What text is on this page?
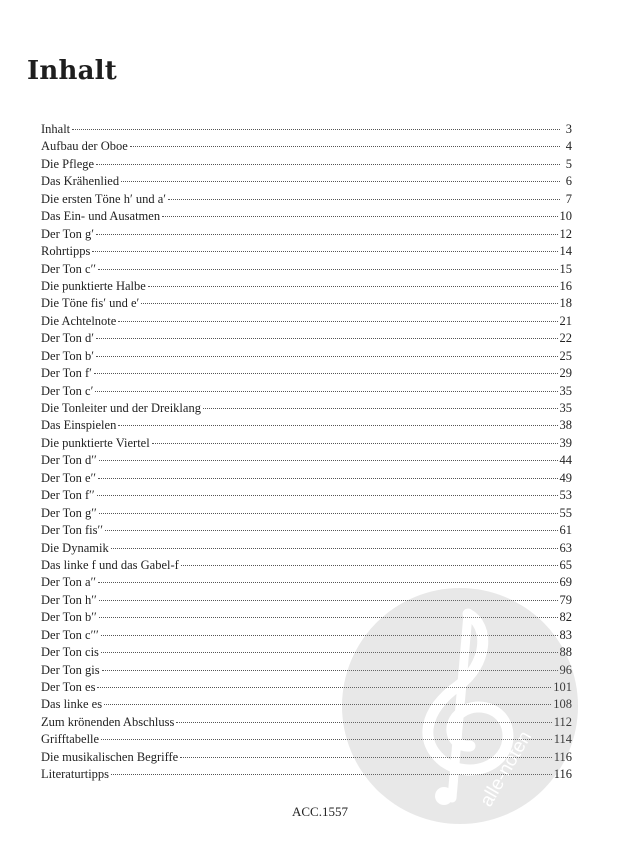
Inhalt
Inhalt	3
Aufbau der Oboe	4
Die Pflege	5
Das Krähenlied	6
Die ersten Töne h′ und a′	7
Das Ein- und Ausatmen	10
Der Ton g′	12
Rohrtipps	14
Der Ton c′′	15
Die punktierte Halbe	16
Die Töne fis′ und e′	18
Die Achtelnote	21
Der Ton d′	22
Der Ton b′	25
Der Ton f′	29
Der Ton c′	35
Die Tonleiter und der Dreiklang	35
Das Einspielen	38
Die punktierte Viertel	39
Der Ton d′′	44
Der Ton e′′	49
Der Ton f′′	53
Der Ton g′′	55
Der Ton fis′′	61
Die Dynamik	63
Das linke f und das Gabel-f	65
Der Ton a′′	69
Der Ton h′′	79
Der Ton b′′	82
Der Ton c′′′	83
Der Ton cis	88
Der Ton gis	96
Der Ton es	101
Das linke es	108
Zum krönenden Abschluss	112
Grifftabelle	114
Die musikalischen Begriffe	116
Literaturtipps	116
alle-noten
ACC.1557
